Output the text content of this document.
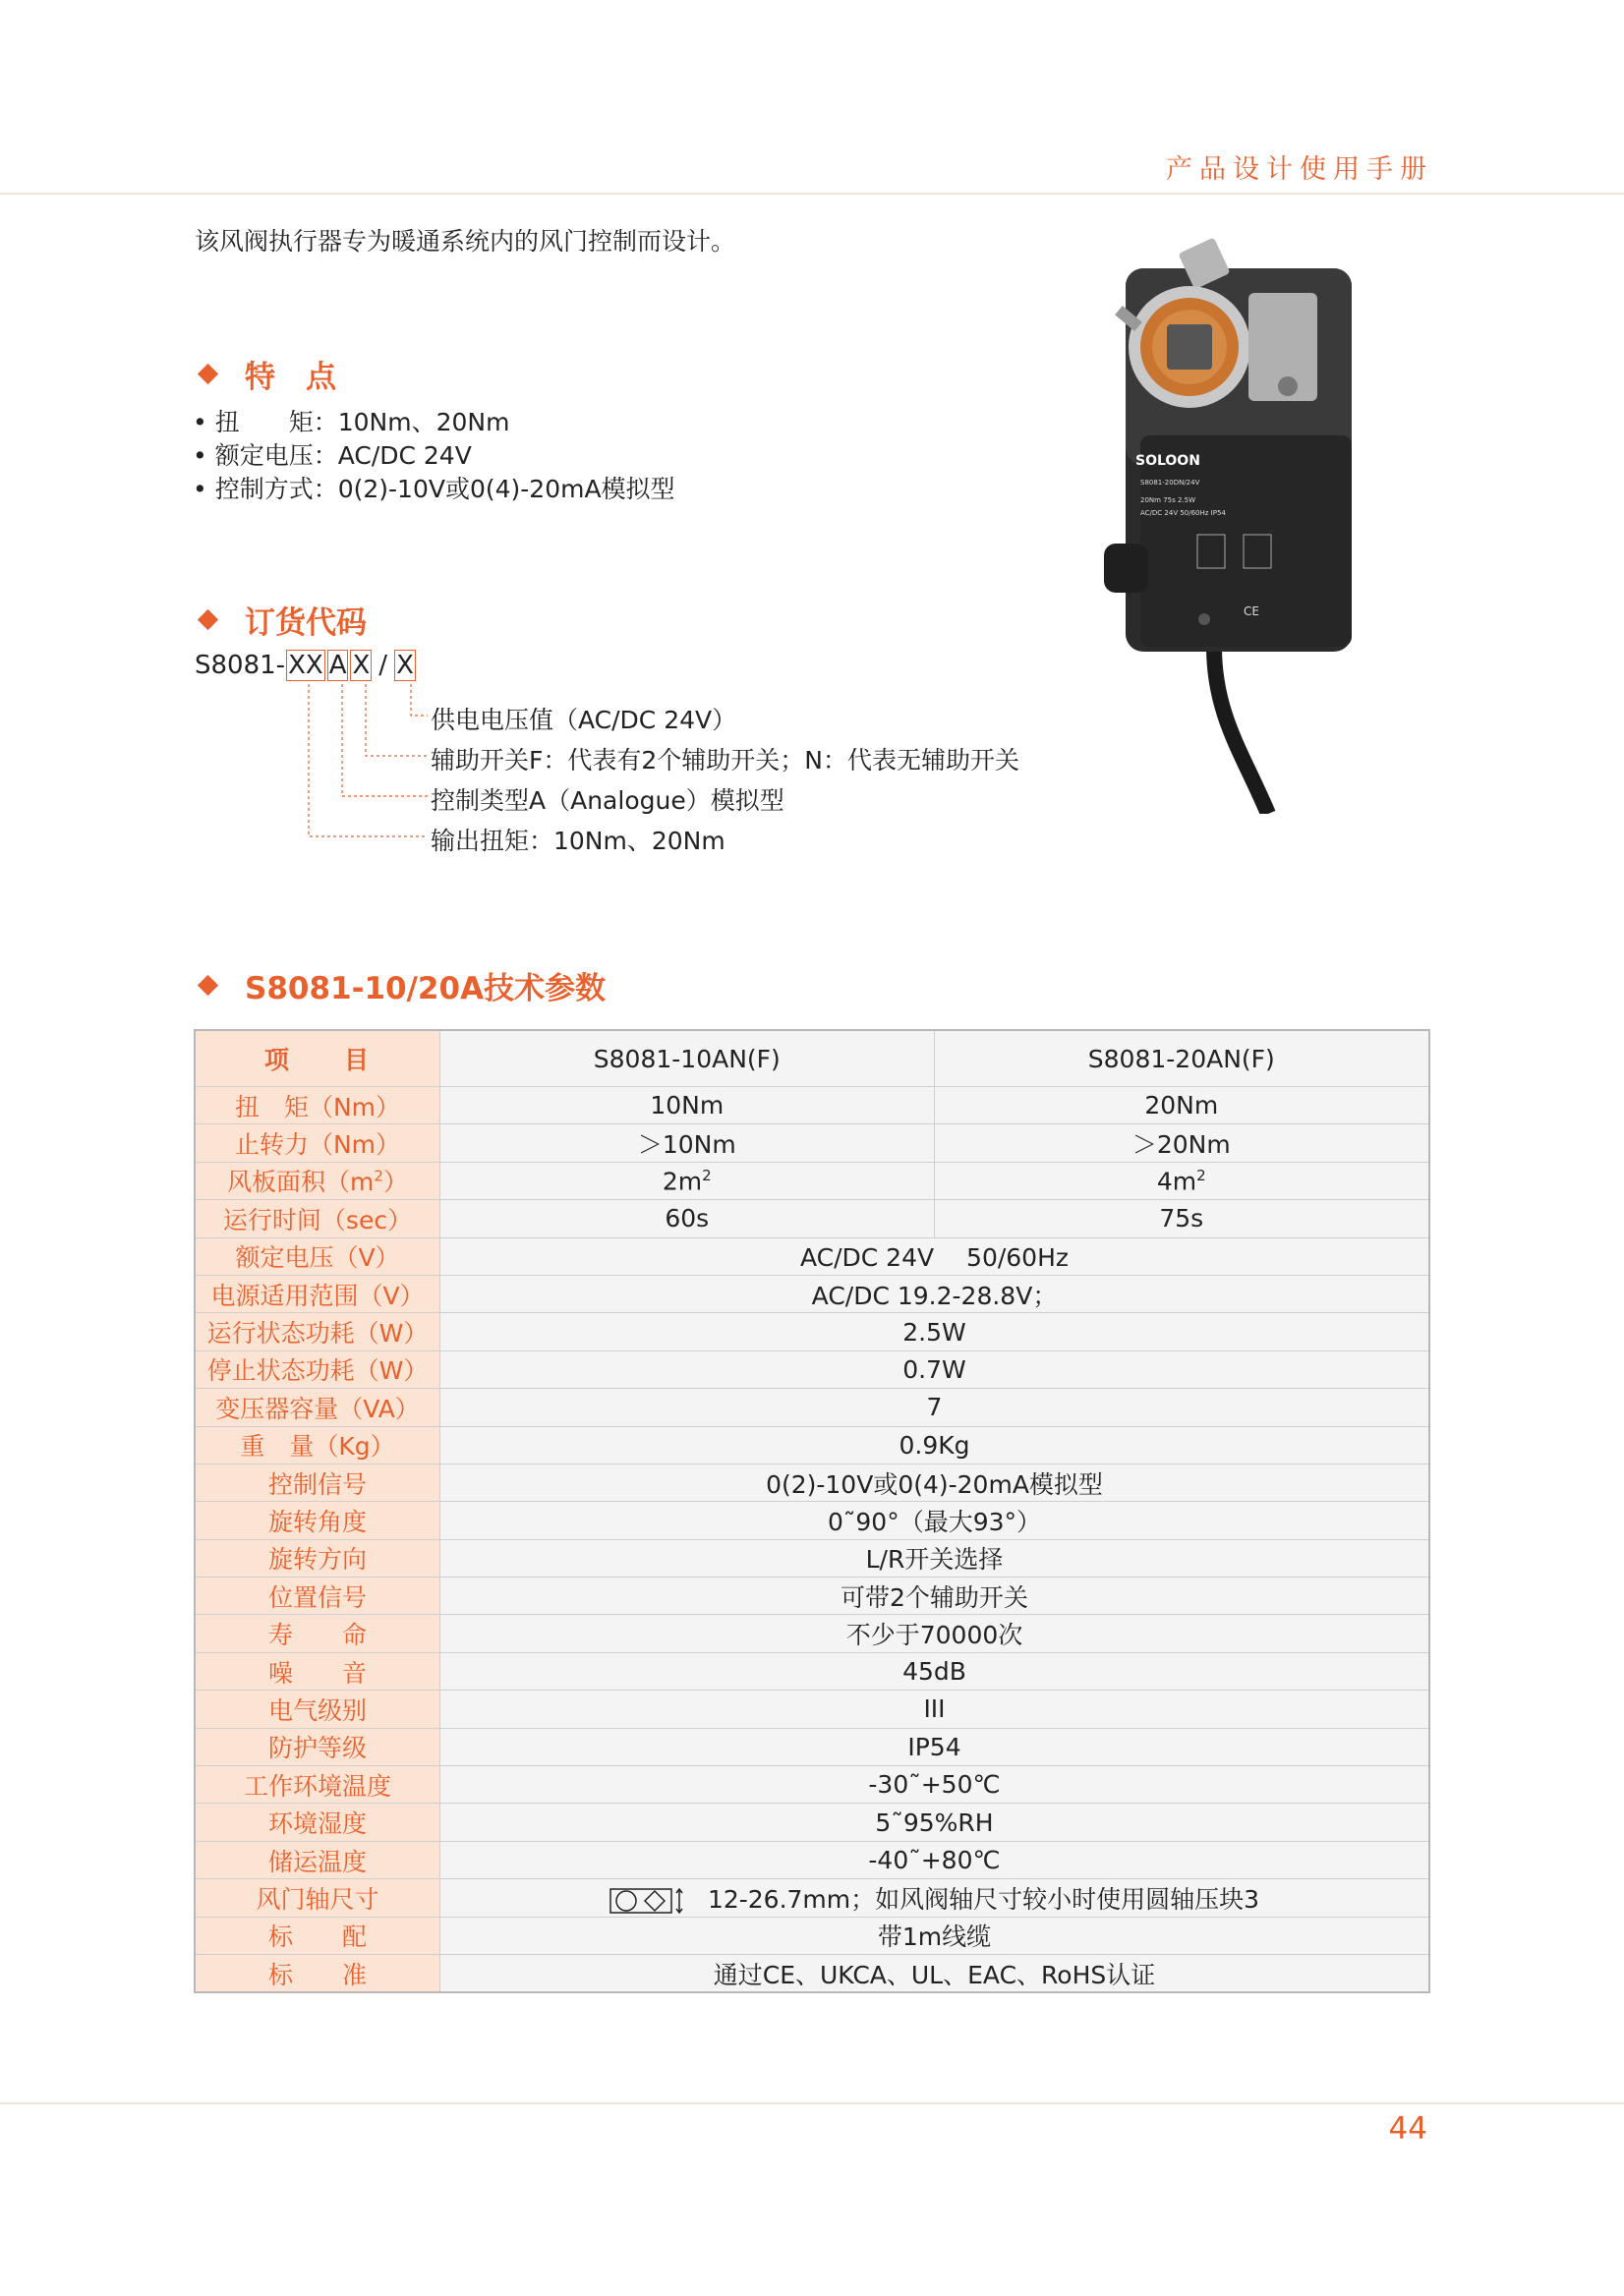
产品设计使用手册
该风阀执行器专为暖通系统内的风门控制而设计。
特　点
• 扭　　矩： 10Nm、20Nm
• 额定电压： AC/DC 24V
• 控制方式： 0(2)-10V或0(4)-20mA模拟型
订货代码
S8081- XX A X / X
供电电压值（AC/DC 24V）
辅助开关F：代表有2个辅助开关；N：代表无辅助开关
控制类型A（Analogue）模拟型
输出扭矩：10Nm、20Nm
SOLOON
S8081-20DN/24V
20Nm 75s 2.5W
AC/DC 24V 50/60Hz IP54
CE
S8081-10/20A技术参数
项　　目	S8081-10AN(F)	S8081-20AN(F)
扭　矩（Nm）	10Nm	20Nm
止转力（Nm）	＞10Nm	＞20Nm
风板面积$(m^2)$	$2m^2$	$4m^2$
运行时间（sec）	60s	75s
额定电压（V）	AC/DC 24V　 50/60Hz	
电源适用范围（V）	AC/DC 19.2-28.8V；	
运行状态功耗（W）	2.5W	
停止状态功耗（W）	0.7W	
变压器容量（VA）	7	
重　量（Kg）	0.9Kg	
控制信号	0(2)-10V或0(4)-20mA模拟型	
旋转角度	0˜90°（最大93°）	
旋转方向	L/R开关选择	
位置信号	可带2个辅助开关	
寿　　命	不少于70000次	
噪　　音	45dB	
电气级别	III	
防护等级	IP54	
工作环境温度	-30˜+50℃	
环境湿度	5˜95%RH	
储运温度	-40˜+80℃	
风门轴尺寸	12-26.7mm；如风阀轴尺寸较小时使用圆轴压块3	
标　　配	带1m线缆	
标　　准	通过CE、UKCA、UL、EAC、RoHS认证	
44
